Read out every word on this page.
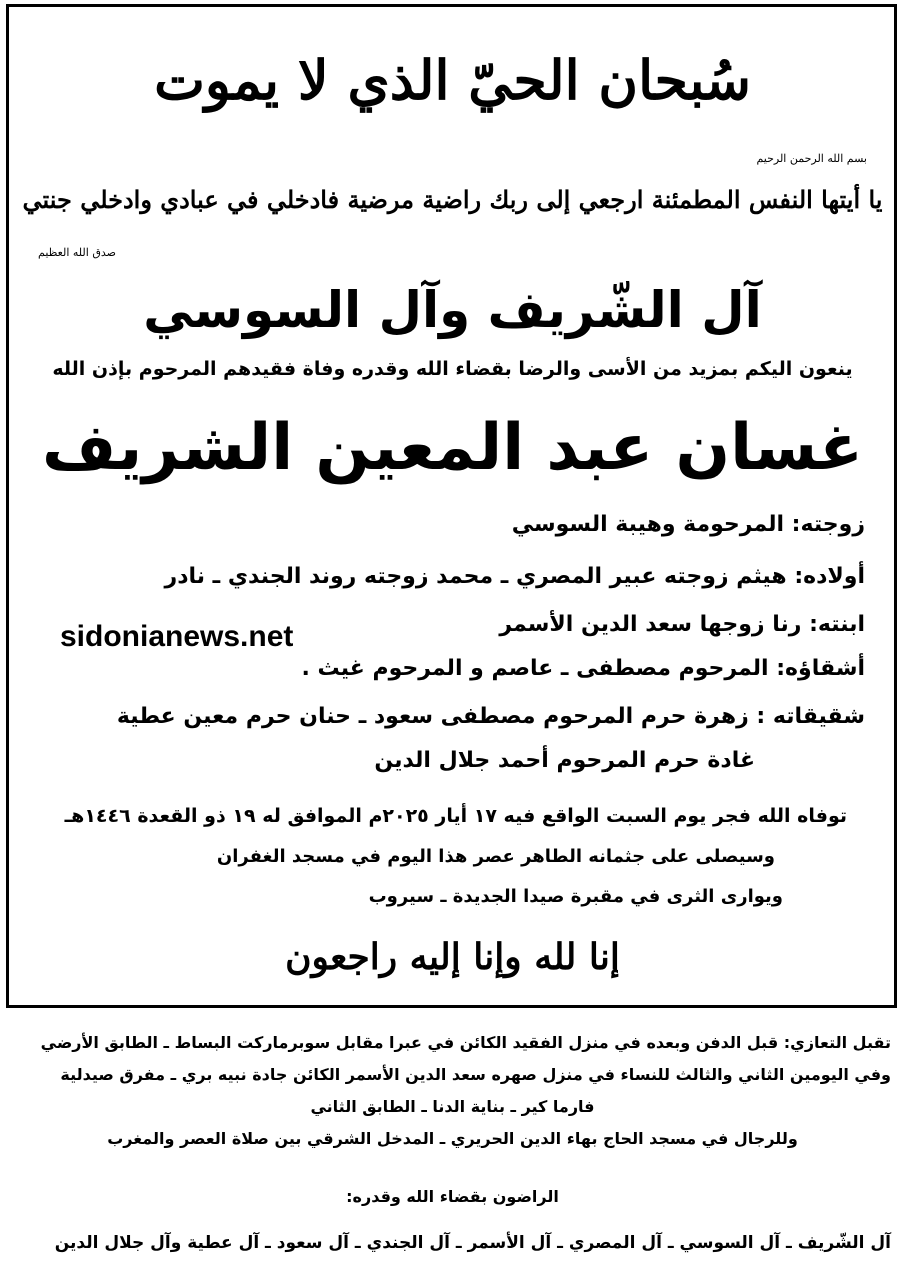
سُبحان الحيّ الذي لا يموت
بسم الله الرحمن الرحيم
يا أيتها النفس المطمئنة ارجعي إلى ربك راضية مرضية فادخلي في عبادي وادخلي جنتي
صدق الله العظيم
آل الشّريف وآل السوسي
ينعون اليكم بمزيد من الأسى والرضا بقضاء الله وقدره وفاة فقيدهم المرحوم بإذن الله
غسان عبد المعين الشريف
زوجته: المرحومة وهيبة السوسي
أولاده: هيثم زوجته عبير المصري ـ محمد زوجته روند الجندي ـ نادر
ابنته: رنا زوجها سعد الدين الأسمر
أشقاؤه: المرحوم مصطفى ـ عاصم و المرحوم غيث .
شقيقاته : زهرة حرم المرحوم مصطفى سعود ـ حنان حرم معين عطية
غادة حرم المرحوم أحمد جلال الدين
sidonianews.net
توفاه الله فجر يوم السبت الواقع فيه ١٧ أيار ٢٠٢٥م الموافق له ١٩ ذو القعدة ١٤٤٦هـ
وسيصلى على جثمانه الطاهر عصر هذا اليوم في مسجد الغفران
ويوارى الثرى في مقبرة صيدا الجديدة ـ سيروب
إنا لله وإنا إليه راجعون
تقبل التعازي: قبل الدفن وبعده في منزل الفقيد الكائن في عبرا مقابل سوبرماركت البساط ـ الطابق الأرضي
وفي اليومين الثاني والثالث للنساء في منزل صهره سعد الدين الأسمر الكائن جادة نبيه بري ـ مفرق صيدلية
فارما كير ـ بناية الدنا ـ الطابق الثاني
وللرجال في مسجد الحاج بهاء الدين الحريري ـ المدخل الشرقي بين صلاة العصر والمغرب
الراضون بقضاء الله وقدره:
آل الشّريف ـ آل السوسي ـ آل المصري ـ آل الأسمر ـ آل الجندي ـ آل سعود ـ آل عطية وآل جلال الدين
